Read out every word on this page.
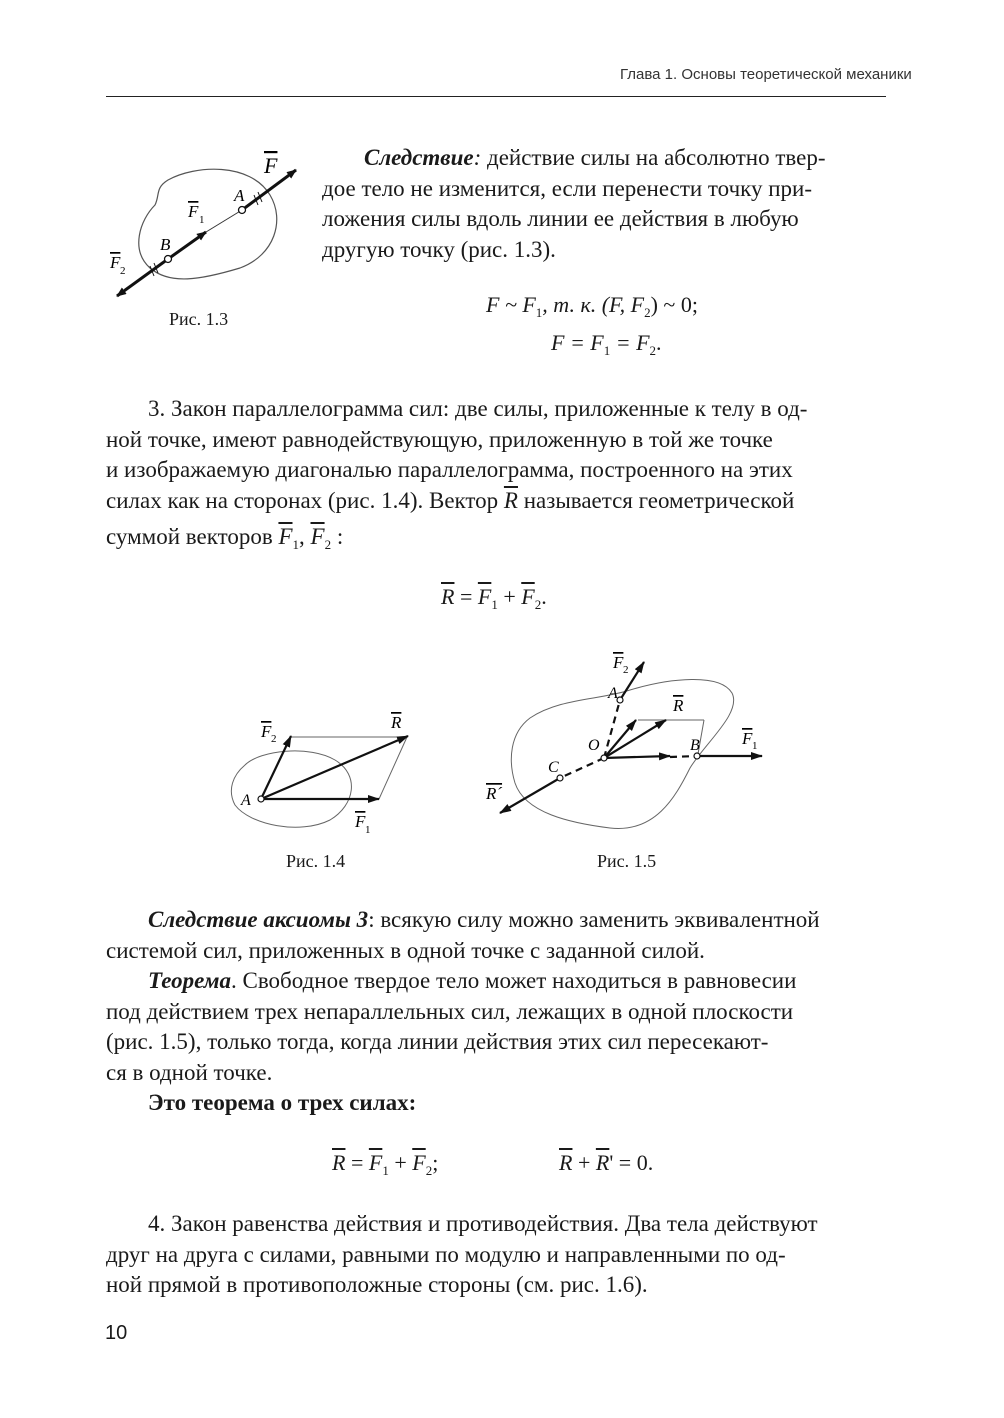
Глава 1. Основы теоретической механики
F
F 1
F 2
A
B
Рис. 1.3
Следствие: действие силы на абсолютно твер-
дое тело не изменится, если перенести точку при-
ложения силы вдоль линии ее действия в любую
другую точку (рис. 1.3).
F ~ $F_1$, т. к. (F, $F_2$) ~ 0;
$F = F_1 = F_2$.
3. Закон параллелограмма сил: две силы, приложенные к телу в од-
ной точке, имеют равнодействующую, приложенную в той же точке
и изображаемую диагональю параллелограмма, построенного на этих
силах как на сторонах (рис. 1.4). Вектор $\overline{R}$ называется геометрической
суммой векторов $\overline{F}_1$, $\overline{F}_2$ :
$\overline{R} = \overline{F}_1 + \overline{F}_2$.
A
R
F 2
F 1
Рис. 1.4
F 2
A
R
O	B F 1
C
R´
Рис. 1.5
Следствие аксиомы 3: всякую силу можно заменить эквивалентной
системой сил, приложенных в одной точке с заданной силой.
Теорема. Свободное твердое тело может находиться в равновесии
под действием трех непараллельных сил, лежащих в одной плоскости
(рис. 1.5), только тогда, когда линии действия этих сил пересекают-
ся в одной точке.
Это теорема о трех силах:
$\overline{R} = \overline{F}_1 + \overline{F}_2$;	$\overline{R} + \overline{R}' = 0$.
4. Закон равенства действия и противодействия. Два тела действуют
друг на друга с силами, равными по модулю и направленными по од-
ной прямой в противоположные стороны (см. рис. 1.6).
10
